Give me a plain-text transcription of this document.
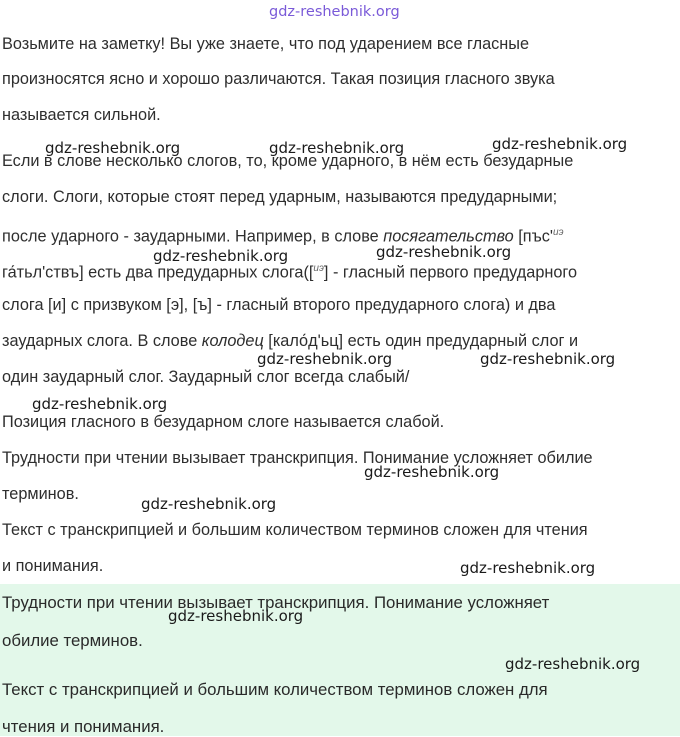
Возьмите на заметку! Вы уже знаете, что под ударением все гласные
произносятся ясно и хорошо различаются. Такая позиция гласного звука
называется сильной.
Если в слове несколько слогов, то, кроме ударного, в нём есть безударные
слоги. Слоги, которые стоят перед ударным, называются предударными;
после ударного - заударными. Например, в слове посягательство [$пъс'^{иэ}$
га́тьл'ствъ] есть два предударных слога([$^{иэ}$] - гласный первого предударного
слога [и] с призвуком [э], [ъ] - гласный второго предударного слога) и два
заударных слога. В слове колодец [кало́д'ьц] есть один предударный слог и
один заударный слог. Заударный слог всегда слабый/
Позиция гласного в безударном слоге называется слабой.
Трудности при чтении вызывает транскрипция. Понимание усложняет обилие
терминов.
Текст с транскрипцией и большим количеством терминов сложен для чтения
и понимания.
Трудности при чтении вызывает транскрипция. Понимание усложняет
обилие терминов.
Текст с транскрипцией и большим количеством терминов сложен для
чтения и понимания.
gdz-reshebnik.org
gdz-reshebnik.org	gdz-reshebnik.org	gdz-reshebnik.org
gdz-reshebnik.org	gdz-reshebnik.org
gdz-reshebnik.org	gdz-reshebnik.org
gdz-reshebnik.org
gdz-reshebnik.org
gdz-reshebnik.org
gdz-reshebnik.org
gdz-reshebnik.org
gdz-reshebnik.org
